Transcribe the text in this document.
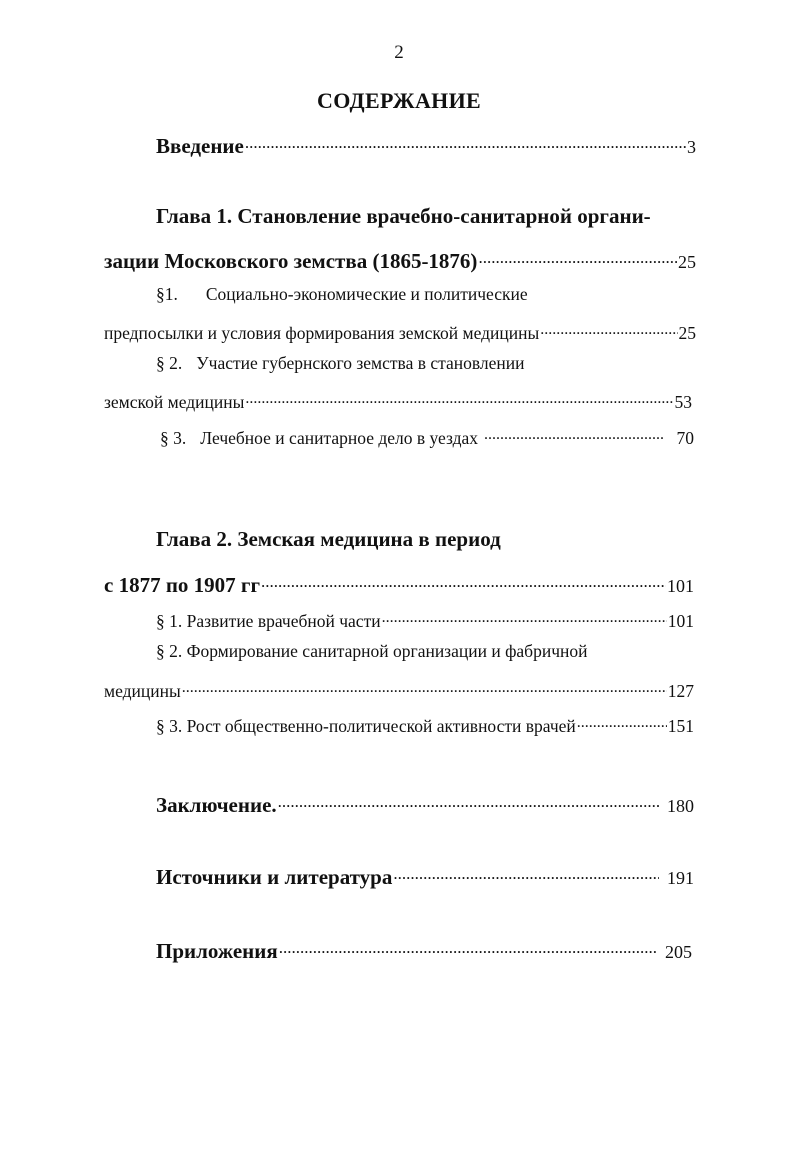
2
СОДЕРЖАНИЕ
Введение .....	3
Глава 1. Становление врачебно-санитарной органи-
зации Московского земства (1865-1876) .....	25
§1. Социально-экономические и политические
предпосылки и условия формирования земской медицины .....	25
§ 2. Участие губернского земства в становлении
земской медицины .....	53
§ 3. Лечебное и санитарное дело в уездах .....	70
Глава 2. Земская медицина в период
с 1877 по 1907 гг .....	101
§ 1. Развитие врачебной части .....	101
§ 2. Формирование санитарной организации и фабричной
медицины .....	127
§ 3. Рост общественно-политической активности врачей .....	151
Заключение. .....	180
Источники и литература .....	191
Приложения .....	205
